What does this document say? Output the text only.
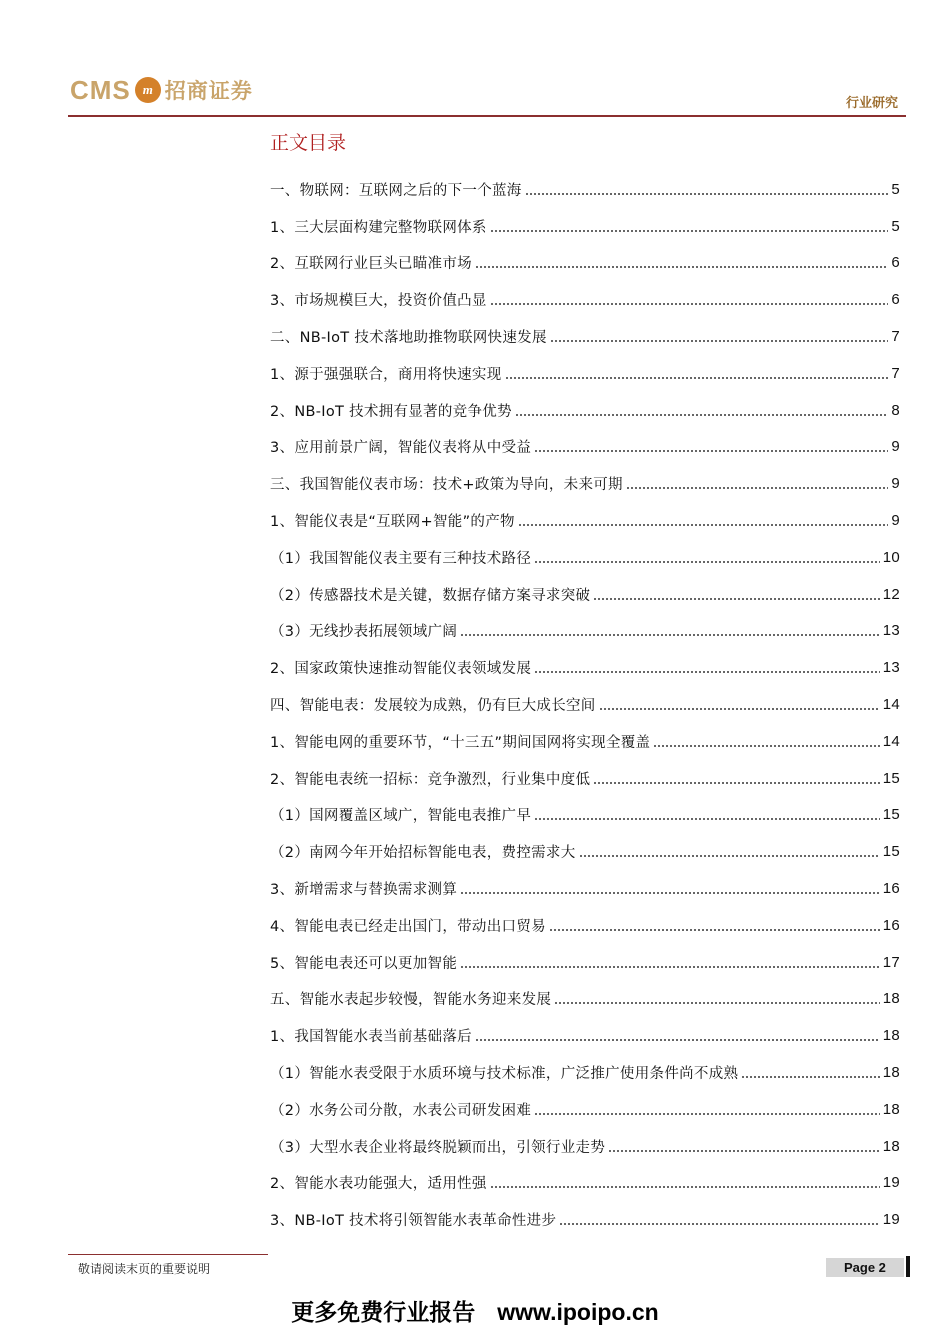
CMS m 招商证券
行业研究
正文目录
一、物联网：互联网之后的下一个蓝海	5
1、三大层面构建完整物联网体系	5
2、互联网行业巨头已瞄准市场	6
3、市场规模巨大，投资价值凸显	6
二、NB-IoT 技术落地助推物联网快速发展	7
1、源于强强联合，商用将快速实现	7
2、NB-IoT 技术拥有显著的竞争优势	8
3、应用前景广阔，智能仪表将从中受益	9
三、我国智能仪表市场：技术+政策为导向，未来可期	9
1、智能仪表是“互联网+智能”的产物	9
（1）我国智能仪表主要有三种技术路径	10
（2）传感器技术是关键，数据存储方案寻求突破	12
（3）无线抄表拓展领域广阔	13
2、国家政策快速推动智能仪表领域发展	13
四、智能电表：发展较为成熟，仍有巨大成长空间	14
1、智能电网的重要环节，“十三五”期间国网将实现全覆盖	14
2、智能电表统一招标：竞争激烈，行业集中度低	15
（1）国网覆盖区域广，智能电表推广早	15
（2）南网今年开始招标智能电表，费控需求大	15
3、新增需求与替换需求测算	16
4、智能电表已经走出国门，带动出口贸易	16
5、智能电表还可以更加智能	17
五、智能水表起步较慢，智能水务迎来发展	18
1、我国智能水表当前基础落后	18
（1）智能水表受限于水质环境与技术标准，广泛推广使用条件尚不成熟	18
（2）水务公司分散，水表公司研发困难	18
（3）大型水表企业将最终脱颖而出，引领行业走势	18
2、智能水表功能强大，适用性强	19
3、NB-IoT 技术将引领智能水表革命性进步	19
敬请阅读末页的重要说明	Page 2
更多免费行业报告 www.ipoipo.cn
